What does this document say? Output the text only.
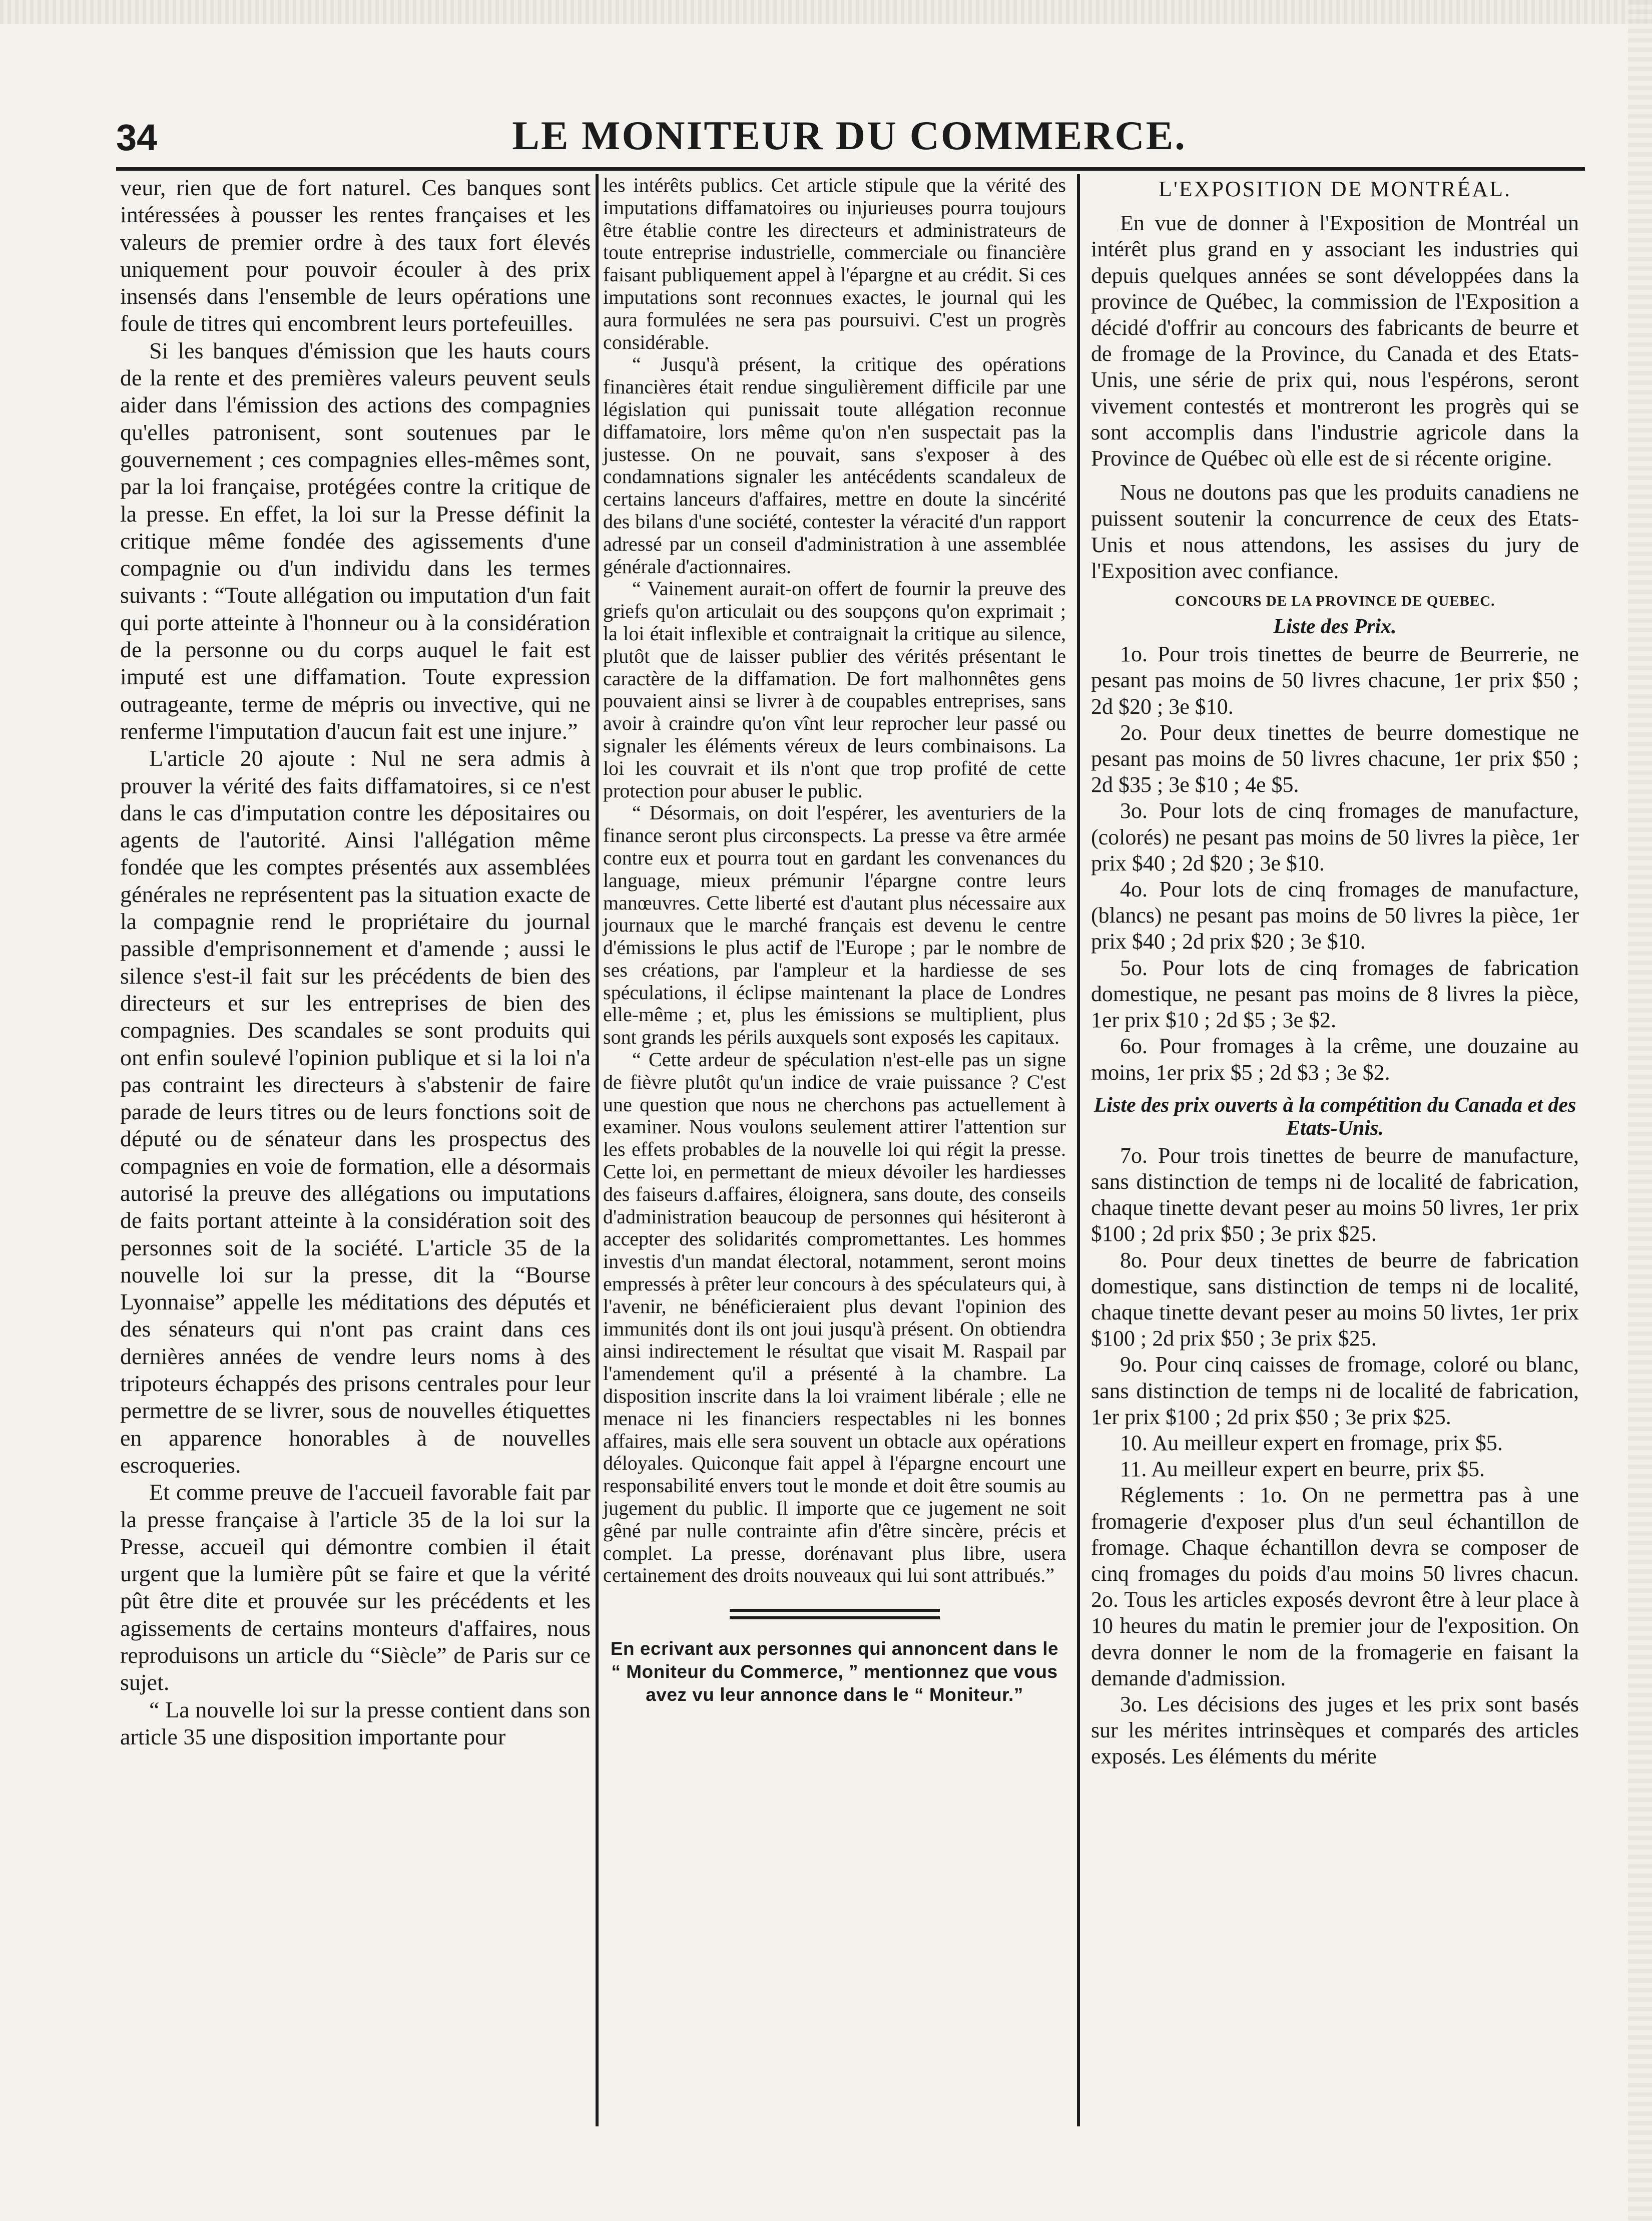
34	LE MONITEUR DU COMMERCE.

veur, rien que de fort naturel. Ces banques sont intéressées à pousser les rentes françaises et les valeurs de premier ordre à des taux fort élevés uniquement pour pouvoir écouler à des prix insensés dans l'ensemble de leurs opérations une foule de titres qui encombrent leurs portefeuilles.

Si les banques d'émission que les hauts cours de la rente et des premières valeurs peuvent seuls aider dans l'émission des actions des compagnies qu'elles patronisent, sont soutenues par le gouvernement ; ces compagnies elles-mêmes sont, par la loi française, protégées contre la critique de la presse. En effet, la loi sur la Presse définit la critique même fondée des agissements d'une compagnie ou d'un individu dans les termes suivants : “Toute allégation ou imputation d'un fait qui porte atteinte à l'honneur ou à la considération de la personne ou du corps auquel le fait est imputé est une diffamation. Toute expression outrageante, terme de mépris ou invective, qui ne renferme l'imputation d'aucun fait est une injure.”

L'article 20 ajoute : Nul ne sera admis à prouver la vérité des faits diffamatoires, si ce n'est dans le cas d'imputation contre les dépositaires ou agents de l'autorité. Ainsi l'allégation même fondée que les comptes présentés aux assemblées générales ne représentent pas la situation exacte de la compagnie rend le propriétaire du journal passible d'emprisonnement et d'amende ; aussi le silence s'est-il fait sur les précédents de bien des directeurs et sur les entreprises de bien des compagnies. Des scandales se sont produits qui ont enfin soulevé l'opinion publique et si la loi n'a pas contraint les directeurs à s'abstenir de faire parade de leurs titres ou de leurs fonctions soit de député ou de sénateur dans les prospectus des compagnies en voie de formation, elle a désormais autorisé la preuve des allégations ou imputations de faits portant atteinte à la considération soit des personnes soit de la société. L'article 35 de la nouvelle loi sur la presse, dit la “Bourse Lyonnaise” appelle les méditations des députés et des sénateurs qui n'ont pas craint dans ces dernières années de vendre leurs noms à des tripoteurs échappés des prisons centrales pour leur permettre de se livrer, sous de nouvelles étiquettes en apparence honorables à de nouvelles escroqueries.

Et comme preuve de l'accueil favorable fait par la presse française à l'article 35 de la loi sur la Presse, accueil qui démontre combien il était urgent que la lumière pût se faire et que la vérité pût être dite et prouvée sur les précédents et les agissements de certains monteurs d'affaires, nous reproduisons un article du “Siècle” de Paris sur ce sujet.

“ La nouvelle loi sur la presse contient dans son article 35 une disposition importante pour

les intérêts publics. Cet article stipule que la vérité des imputations diffamatoires ou injurieuses pourra toujours être établie contre les directeurs et administrateurs de toute entreprise industrielle, commerciale ou financière faisant publiquement appel à l'épargne et au crédit. Si ces imputations sont reconnues exactes, le journal qui les aura formulées ne sera pas poursuivi. C'est un progrès considérable.

“ Jusqu'à présent, la critique des opérations financières était rendue singulièrement difficile par une législation qui punissait toute allégation reconnue diffamatoire, lors même qu'on n'en suspectait pas la justesse. On ne pouvait, sans s'exposer à des condamnations signaler les antécédents scandaleux de certains lanceurs d'affaires, mettre en doute la sincérité des bilans d'une société, contester la véracité d'un rapport adressé par un conseil d'administration à une assemblée générale d'actionnaires.

“ Vainement aurait-on offert de fournir la preuve des griefs qu'on articulait ou des soupçons qu'on exprimait ; la loi était inflexible et contraignait la critique au silence, plutôt que de laisser publier des vérités présentant le caractère de la diffamation. De fort malhonnêtes gens pouvaient ainsi se livrer à de coupables entreprises, sans avoir à craindre qu'on vînt leur reprocher leur passé ou signaler les éléments véreux de leurs combinaisons. La loi les couvrait et ils n'ont que trop profité de cette protection pour abuser le public.

“ Désormais, on doit l'espérer, les aventuriers de la finance seront plus circonspects. La presse va être armée contre eux et pourra tout en gardant les convenances du language, mieux prémunir l'épargne contre leurs manœuvres. Cette liberté est d'autant plus nécessaire aux journaux que le marché français est devenu le centre d'émissions le plus actif de l'Europe ; par le nombre de ses créations, par l'ampleur et la hardiesse de ses spéculations, il éclipse maintenant la place de Londres elle-même ; et, plus les émissions se multiplient, plus sont grands les périls auxquels sont exposés les capitaux.

“ Cette ardeur de spéculation n'est-elle pas un signe de fièvre plutôt qu'un indice de vraie puissance ? C'est une question que nous ne cherchons pas actuellement à examiner. Nous voulons seulement attirer l'attention sur les effets probables de la nouvelle loi qui régit la presse. Cette loi, en permettant de mieux dévoiler les hardiesses des faiseurs d.affaires, éloignera, sans doute, des conseils d'administration beaucoup de personnes qui hésiteront à accepter des solidarités compromettantes. Les hommes investis d'un mandat électoral, notamment, seront moins empressés à prêter leur concours à des spéculateurs qui, à l'avenir, ne bénéficieraient plus devant l'opinion des immunités dont ils ont joui jusqu'à présent. On obtiendra ainsi indirectement le résultat que visait M. Raspail par l'amendement qu'il a présenté à la chambre. La disposition inscrite dans la loi vraiment libérale ; elle ne menace ni les financiers respectables ni les bonnes affaires, mais elle sera souvent un obtacle aux opérations déloyales. Quiconque fait appel à l'épargne encourt une responsabilité envers tout le monde et doit être soumis au jugement du public. Il importe que ce jugement ne soit gêné par nulle contrainte afin d'être sincère, précis et complet. La presse, dorénavant plus libre, usera certainement des droits nouveaux qui lui sont attribués.”

En ecrivant aux personnes qui annoncent dans le “ Moniteur du Commerce, ” mentionnez que vous avez vu leur annonce dans le “ Moniteur.”
L'EXPOSITION DE MONTRÉAL.

En vue de donner à l'Exposition de Montréal un intérêt plus grand en y associant les industries qui depuis quelques années se sont développées dans la province de Québec, la commission de l'Exposition a décidé d'offrir au concours des fabricants de beurre et de fromage de la Province, du Canada et des Etats-Unis, une série de prix qui, nous l'espérons, seront vivement contestés et montreront les progrès qui se sont accomplis dans l'industrie agricole dans la Province de Québec où elle est de si récente origine.

Nous ne doutons pas que les produits canadiens ne puissent soutenir la concurrence de ceux des Etats-Unis et nous attendons, les assises du jury de l'Exposition avec confiance.

CONCOURS DE LA PROVINCE DE QUEBEC.
Liste des Prix.

1o. Pour trois tinettes de beurre de Beurrerie, ne pesant pas moins de 50 livres chacune, 1er prix $50 ; 2d $20 ; 3e $10.

2o. Pour deux tinettes de beurre domestique ne pesant pas moins de 50 livres chacune, 1er prix $50 ; 2d $35 ; 3e $10 ; 4e $5.

3o. Pour lots de cinq fromages de manufacture, (colorés) ne pesant pas moins de 50 livres la pièce, 1er prix $40 ; 2d $20 ; 3e $10.

4o. Pour lots de cinq fromages de manufacture, (blancs) ne pesant pas moins de 50 livres la pièce, 1er prix $40 ; 2d prix $20 ; 3e $10.

5o. Pour lots de cinq fromages de fabrication domestique, ne pesant pas moins de 8 livres la pièce, 1er prix $10 ; 2d $5 ; 3e $2.

6o. Pour fromages à la crême, une douzaine au moins, 1er prix $5 ; 2d $3 ; 3e $2.

Liste des prix ouverts à la compétition du Canada et des Etats-Unis.

7o. Pour trois tinettes de beurre de manufacture, sans distinction de temps ni de localité de fabrication, chaque tinette devant peser au moins 50 livres, 1er prix $100 ; 2d prix $50 ; 3e prix $25.

8o. Pour deux tinettes de beurre de fabrication domestique, sans distinction de temps ni de localité, chaque tinette devant peser au moins 50 livtes, 1er prix $100 ; 2d prix $50 ; 3e prix $25.

9o. Pour cinq caisses de fromage, coloré ou blanc, sans distinction de temps ni de localité de fabrication, 1er prix $100 ; 2d prix $50 ; 3e prix $25.

10. Au meilleur expert en fromage, prix $5.

11. Au meilleur expert en beurre, prix $5.

Réglements : 1o. On ne permettra pas à une fromagerie d'exposer plus d'un seul échantillon de fromage. Chaque échantillon devra se composer de cinq fromages du poids d'au moins 50 livres chacun. 2o. Tous les articles exposés devront être à leur place à 10 heures du matin le premier jour de l'exposition. On devra donner le nom de la fromagerie en faisant la demande d'admission.

3o. Les décisions des juges et les prix sont basés sur les mérites intrinsèques et comparés des articles exposés. Les éléments du mérite
